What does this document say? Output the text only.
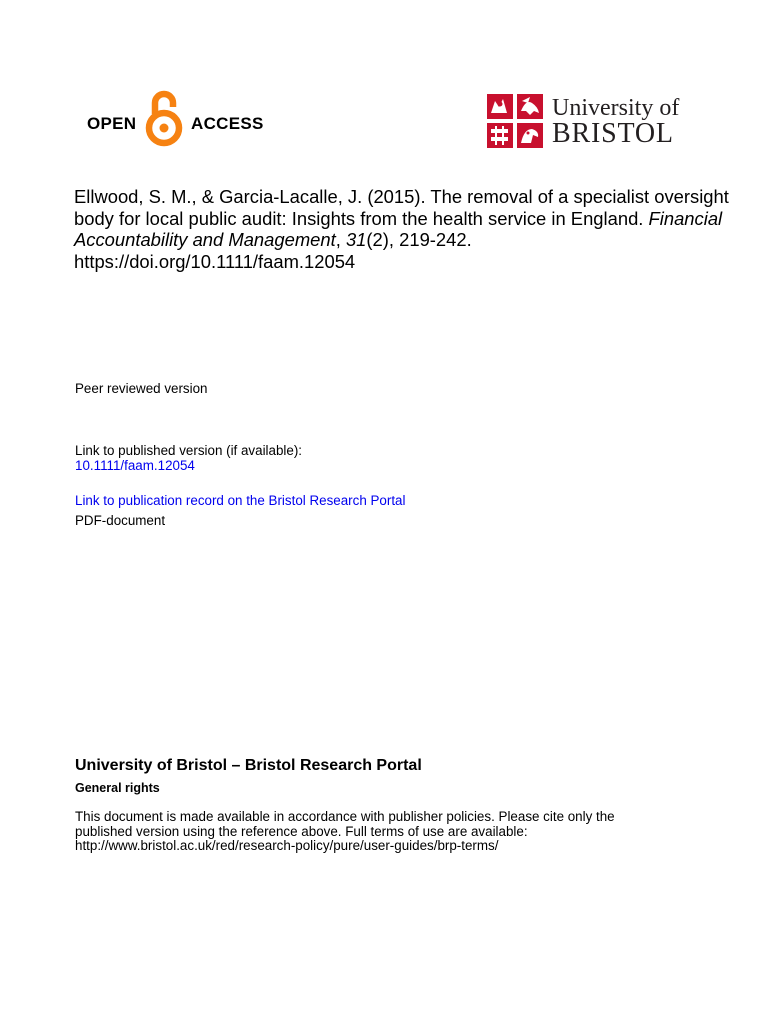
OPEN	ACCESS
University of
BRISTOL
Ellwood, S. M., & Garcia-Lacalle, J. (2015). The removal of a specialist oversight body for local public audit: Insights from the health service in England. Financial Accountability and Management, 31(2), 219-242. https://doi.org/10.1111/faam.12054
Peer reviewed version
Link to published version (if available):
10.1111/faam.12054
Link to publication record on the Bristol Research Portal
PDF-document
University of Bristol – Bristol Research Portal
General rights
This document is made available in accordance with publisher policies. Please cite only the
published version using the reference above. Full terms of use are available:
http://www.bristol.ac.uk/red/research-policy/pure/user-guides/brp-terms/
